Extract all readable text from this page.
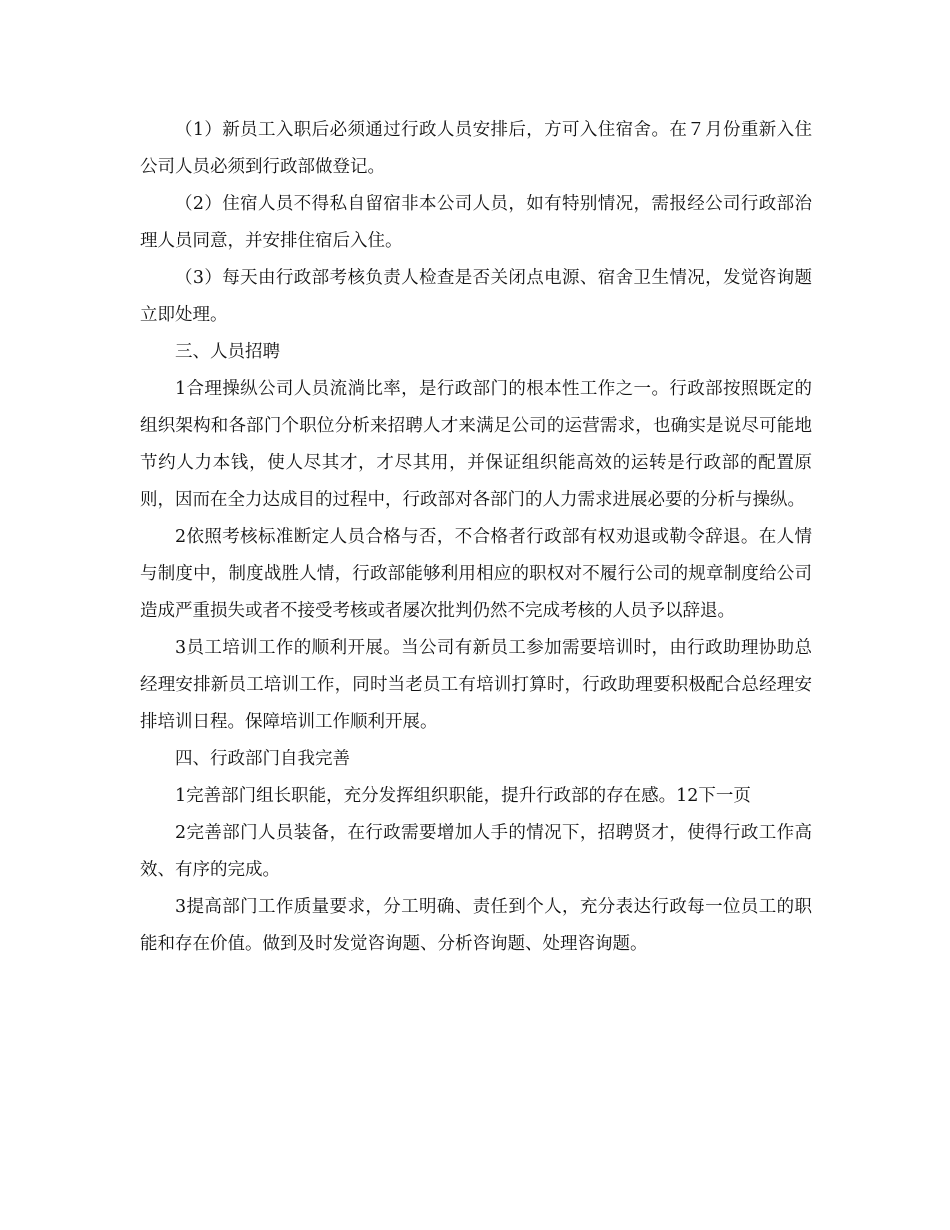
（1）新员工入职后必须通过行政人员安排后，方可入住宿舍。在７月份重新入住公司人员必须到行政部做登记。

（2）住宿人员不得私自留宿非本公司人员，如有特别情况，需报经公司行政部治理人员同意，并安排住宿后入住。

（3）每天由行政部考核负责人检查是否关闭点电源、宿舍卫生情况，发觉咨询题立即处理。

三、人员招聘

1合理操纵公司人员流淌比率，是行政部门的根本性工作之一。行政部按照既定的组织架构和各部门个职位分析来招聘人才来满足公司的运营需求，也确实是说尽可能地节约人力本钱，使人尽其才，才尽其用，并保证组织能高效的运转是行政部的配置原则，因而在全力达成目的过程中，行政部对各部门的人力需求进展必要的分析与操纵。

2依照考核标准断定人员合格与否，不合格者行政部有权劝退或勒令辞退。在人情与制度中，制度战胜人情，行政部能够利用相应的职权对不履行公司的规章制度给公司造成严重损失或者不接受考核或者屡次批判仍然不完成考核的人员予以辞退。

3员工培训工作的顺利开展。当公司有新员工参加需要培训时，由行政助理协助总经理安排新员工培训工作，同时当老员工有培训打算时，行政助理要积极配合总经理安排培训日程。保障培训工作顺利开展。

四、行政部门自我完善

1完善部门组长职能，充分发挥组织职能，提升行政部的存在感。12下一页

2完善部门人员装备，在行政需要增加人手的情况下，招聘贤才，使得行政工作高效、有序的完成。

3提高部门工作质量要求，分工明确、责任到个人，充分表达行政每一位员工的职能和存在价值。做到及时发觉咨询题、分析咨询题、处理咨询题。
